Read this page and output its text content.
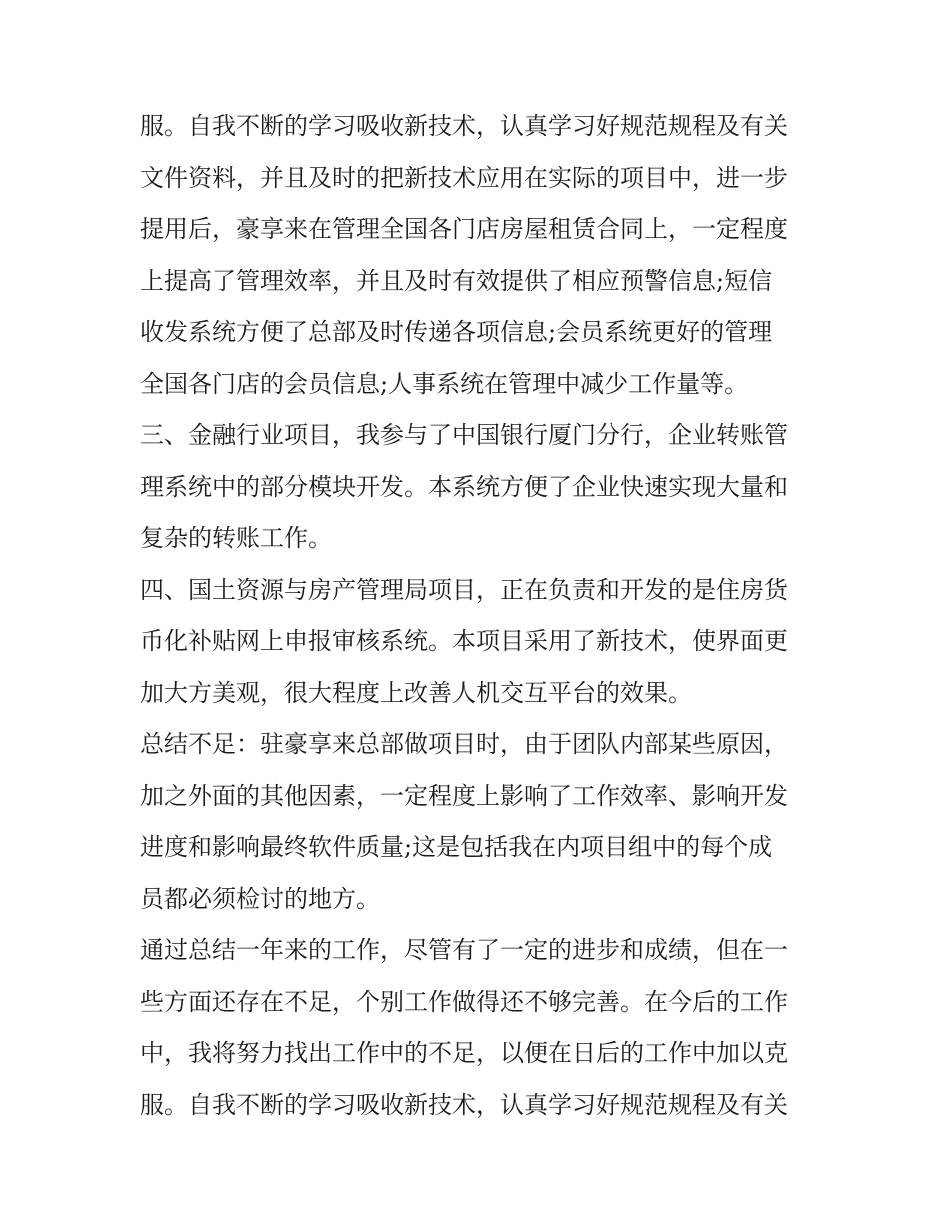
服。自我不断的学习吸收新技术，认真学习好规范规程及有关
文件资料，并且及时的把新技术应用在实际的项目中，进一步
提用后，豪享来在管理全国各门店房屋租赁合同上，一定程度
上提高了管理效率，并且及时有效提供了相应预警信息;短信
收发系统方便了总部及时传递各项信息;会员系统更好的管理
全国各门店的会员信息;人事系统在管理中减少工作量等。
三、金融行业项目，我参与了中国银行厦门分行，企业转账管
理系统中的部分模块开发。本系统方便了企业快速实现大量和
复杂的转账工作。
四、国土资源与房产管理局项目，正在负责和开发的是住房货
币化补贴网上申报审核系统。本项目采用了新技术，使界面更
加大方美观，很大程度上改善人机交互平台的效果。
总结不足：驻豪享来总部做项目时，由于团队内部某些原因，
加之外面的其他因素，一定程度上影响了工作效率、影响开发
进度和影响最终软件质量;这是包括我在内项目组中的每个成
员都必须检讨的地方。
通过总结一年来的工作，尽管有了一定的进步和成绩，但在一
些方面还存在不足，个别工作做得还不够完善。在今后的工作
中，我将努力找出工作中的不足，以便在日后的工作中加以克
服。自我不断的学习吸收新技术，认真学习好规范规程及有关
